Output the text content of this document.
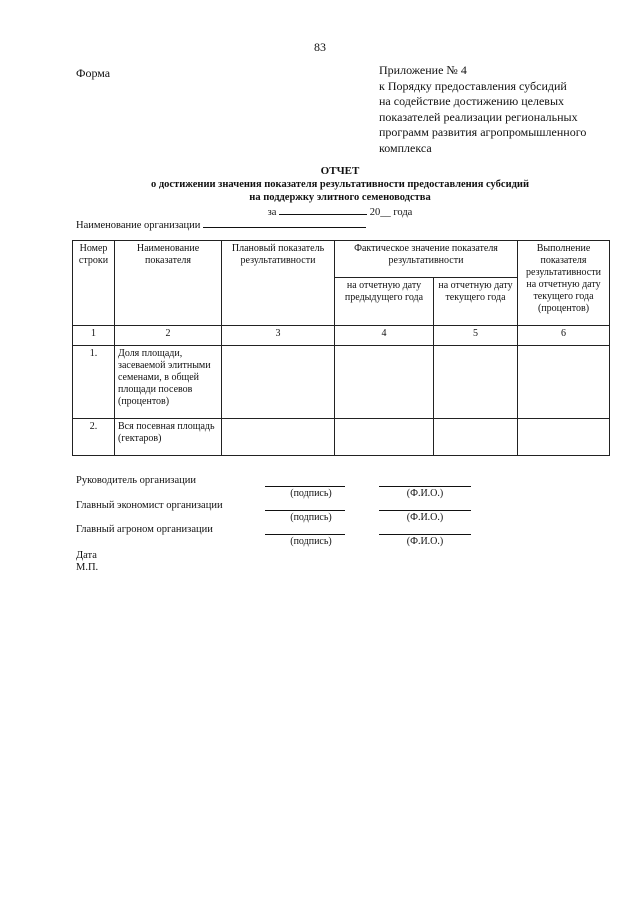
83
Форма	Приложение № 4
к Порядку предоставления субсидий
на содействие достижению целевых
показателей реализации региональных
программ развития агропромышленного
комплекса
ОТЧЕТ
о достижении значения показателя результативности предоставления субсидий
на поддержку элитного семеноводства
за	20__ года
Наименование организации
Номер строки	Наименование показателя	Плановый показатель результативности	Фактическое значение показателя результативности		Выполнение показателя результативности на отчетную дату текущего года (процентов)
			на отчетную дату предыдущего года	на отчетную дату текущего года	
1	2	3	4	5	6
1.	Доля площади, засеваемой элитными семенами, в общей площади посевов (процентов)				
2.	Вся посевная площадь (гектаров)				
Руководитель организации
(подпись)	(Ф.И.О.)
Главный экономист организации
(подпись)	(Ф.И.О.)
Главный агроном организации
(подпись)	(Ф.И.О.)
Дата
М.П.
